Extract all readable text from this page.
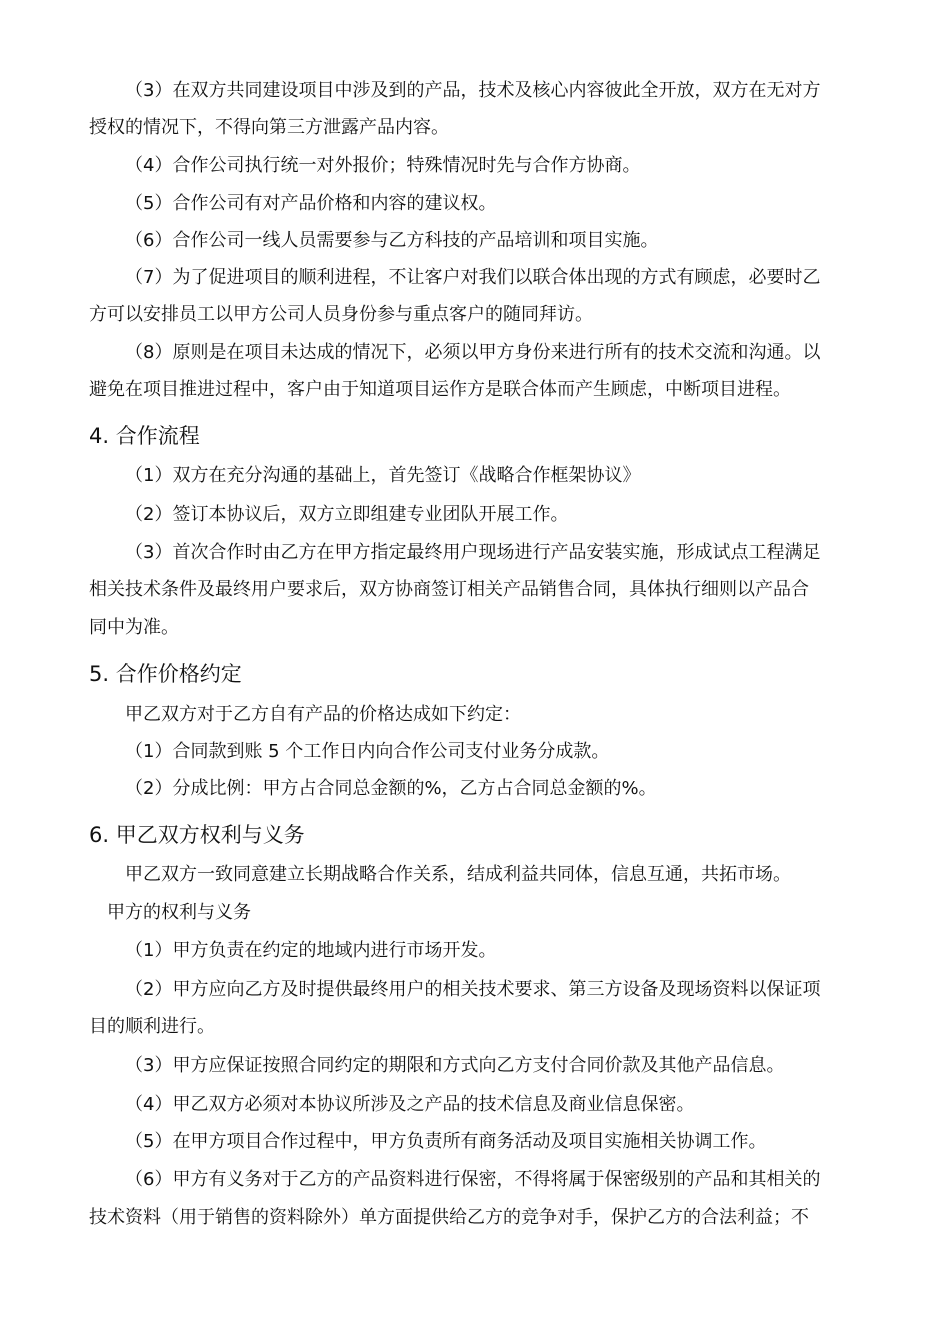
（3）在双方共同建设项目中涉及到的产品，技术及核心内容彼此全开放，双方在无对方
授权的情况下，不得向第三方泄露产品内容。
（4）合作公司执行统一对外报价；特殊情况时先与合作方协商。
（5）合作公司有对产品价格和内容的建议权。
（6）合作公司一线人员需要参与乙方科技的产品培训和项目实施。
（7）为了促进项目的顺利进程，不让客户对我们以联合体出现的方式有顾虑，必要时乙
方可以安排员工以甲方公司人员身份参与重点客户的随同拜访。
（8）原则是在项目未达成的情况下，必须以甲方身份来进行所有的技术交流和沟通。以
避免在项目推进过程中，客户由于知道项目运作方是联合体而产生顾虑，中断项目进程。
4. 合作流程
（1）双方在充分沟通的基础上，首先签订《战略合作框架协议》
（2）签订本协议后，双方立即组建专业团队开展工作。
（3）首次合作时由乙方在甲方指定最终用户现场进行产品安装实施，形成试点工程满足
相关技术条件及最终用户要求后，双方协商签订相关产品销售合同，具体执行细则以产品合
同中为准。
5. 合作价格约定
甲乙双方对于乙方自有产品的价格达成如下约定：
（1）合同款到账 5 个工作日内向合作公司支付业务分成款。
（2）分成比例：甲方占合同总金额的%，乙方占合同总金额的%。
6. 甲乙双方权利与义务
甲乙双方一致同意建立长期战略合作关系，结成利益共同体，信息互通，共拓市场。
甲方的权利与义务
（1）甲方负责在约定的地域内进行市场开发。
（2）甲方应向乙方及时提供最终用户的相关技术要求、第三方设备及现场资料以保证项
目的顺利进行。
（3）甲方应保证按照合同约定的期限和方式向乙方支付合同价款及其他产品信息。
（4）甲乙双方必须对本协议所涉及之产品的技术信息及商业信息保密。
（5）在甲方项目合作过程中，甲方负责所有商务活动及项目实施相关协调工作。
（6）甲方有义务对于乙方的产品资料进行保密，不得将属于保密级别的产品和其相关的
技术资料（用于销售的资料除外）单方面提供给乙方的竞争对手，保护乙方的合法利益；不
